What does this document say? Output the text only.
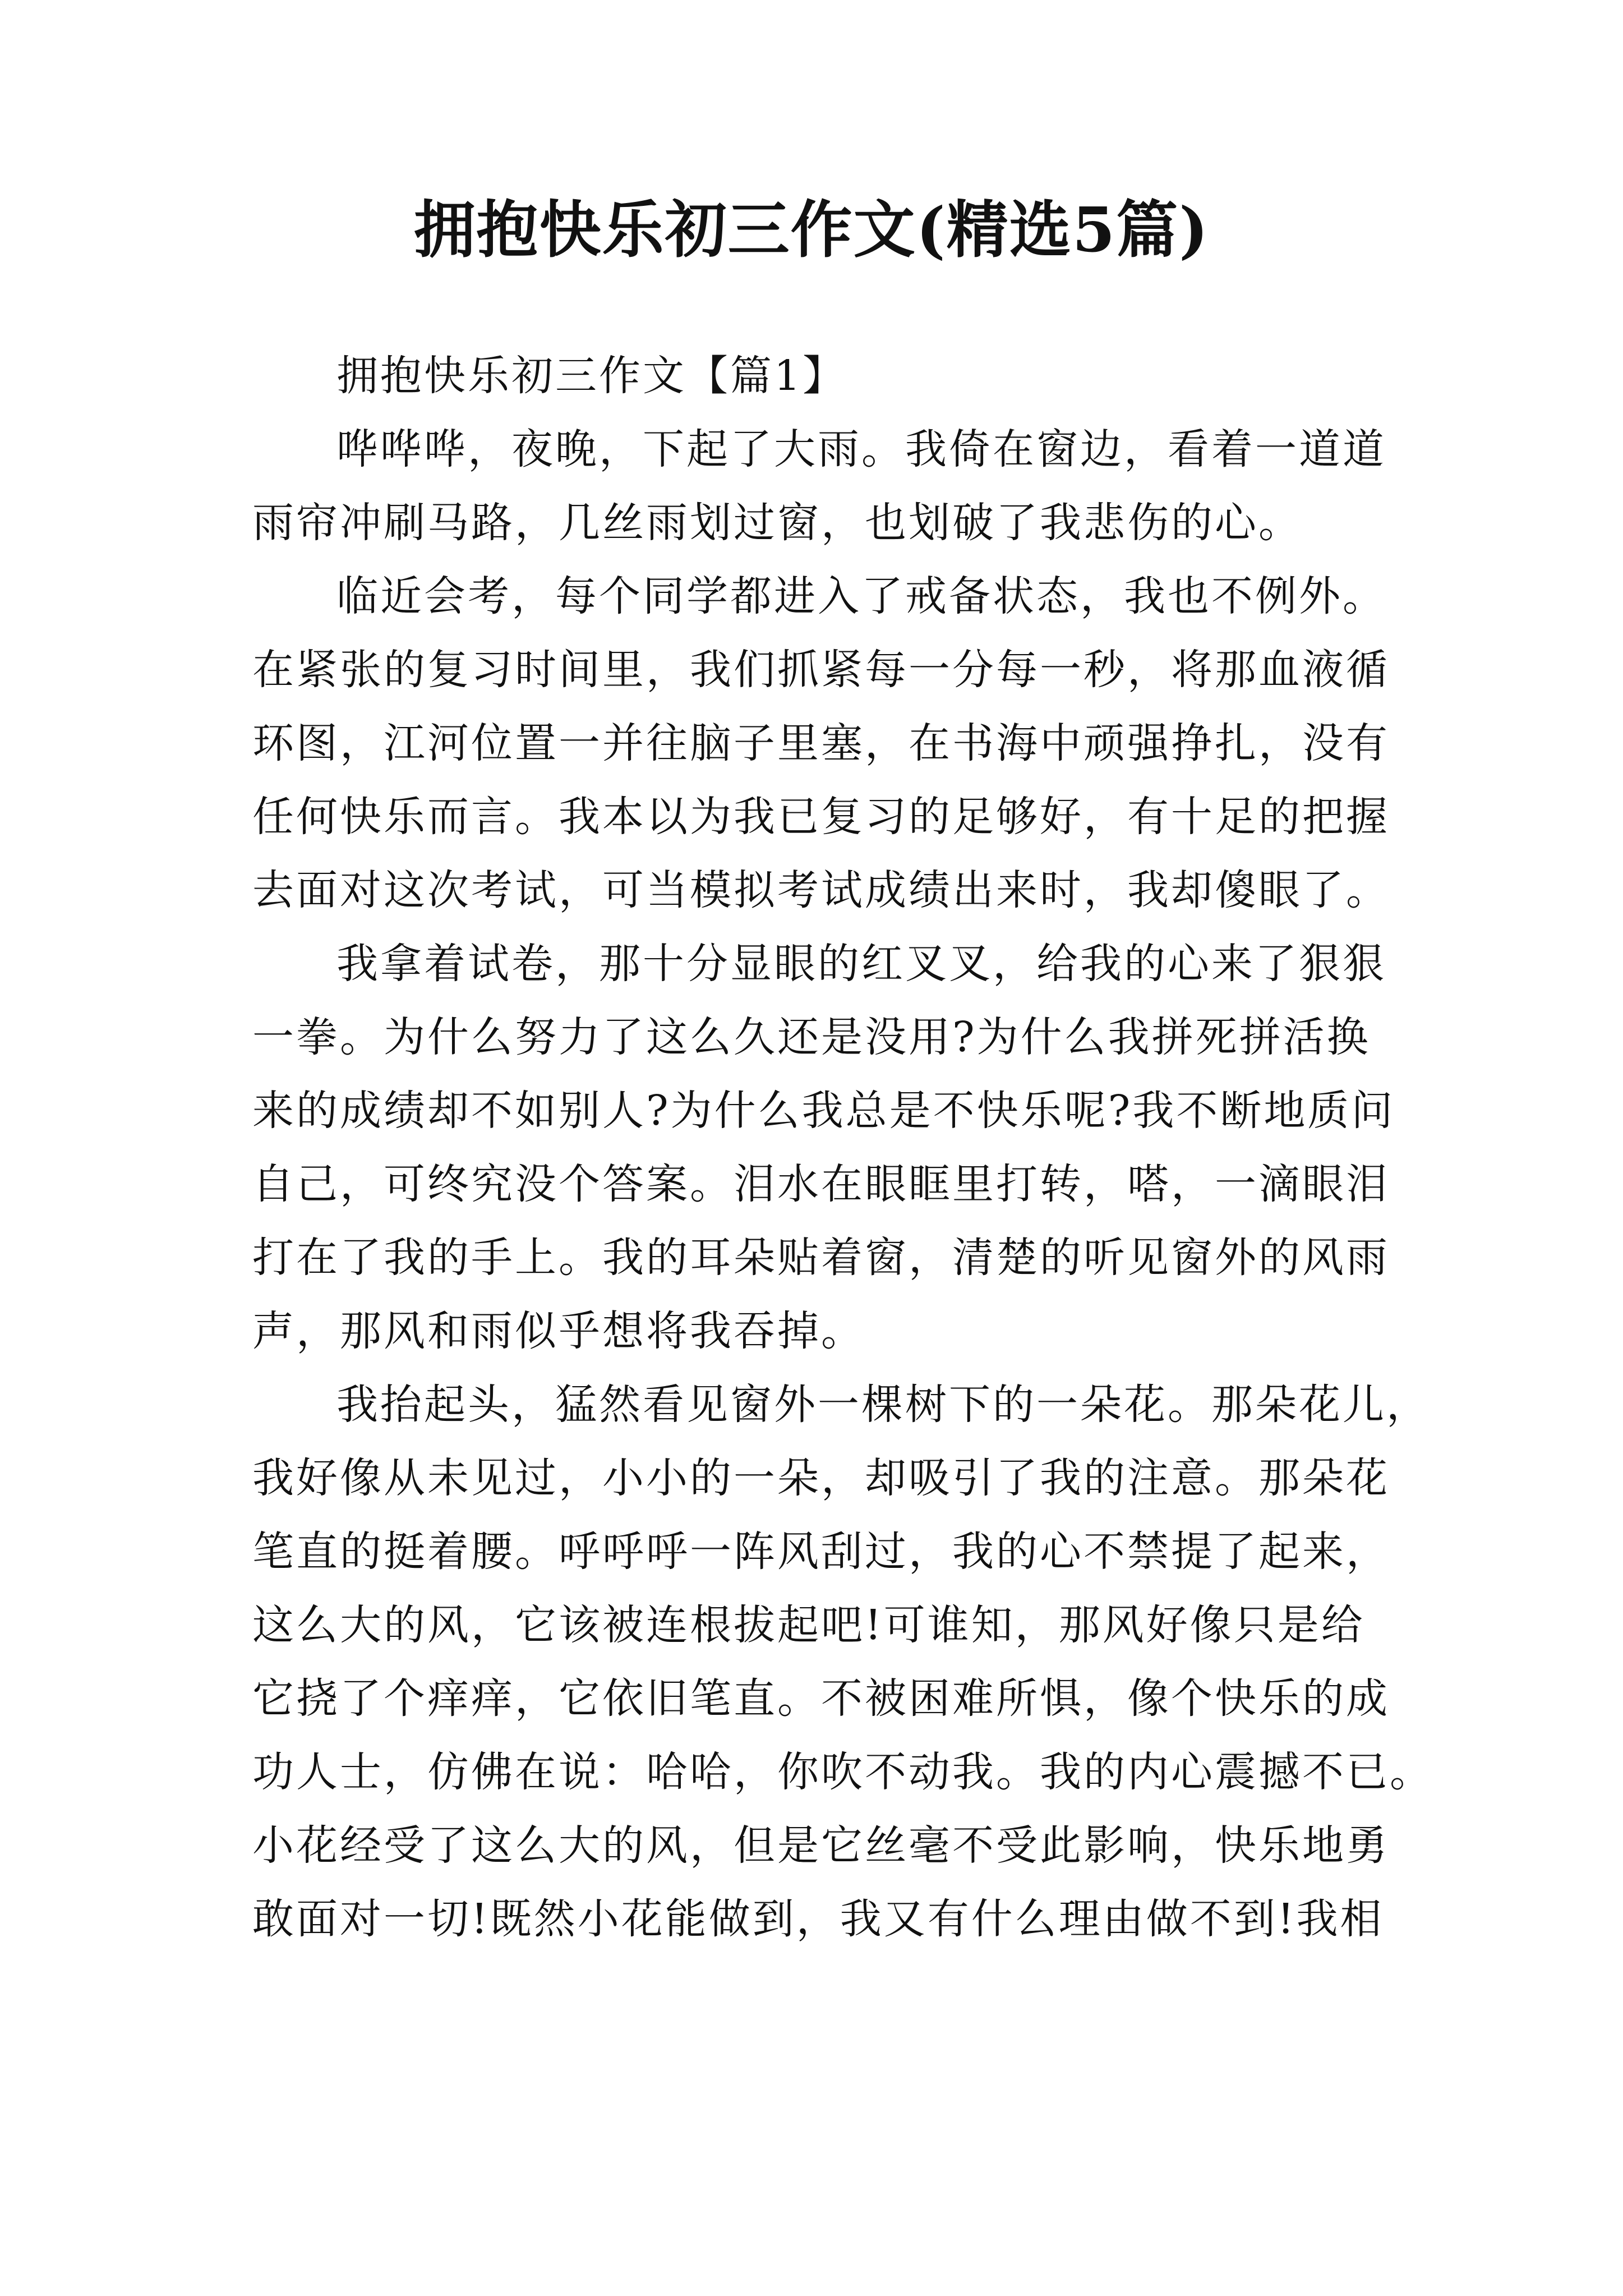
拥抱快乐初三作文(精选5篇)
拥抱快乐初三作文【篇1】
哗哗哗，夜晚，下起了大雨。我倚在窗边，看着一道道
雨帘冲刷马路，几丝雨划过窗，也划破了我悲伤的心。
临近会考，每个同学都进入了戒备状态，我也不例外。
在紧张的复习时间里，我们抓紧每一分每一秒，将那血液循
环图，江河位置一并往脑子里塞，在书海中顽强挣扎，没有
任何快乐而言。我本以为我已复习的足够好，有十足的把握
去面对这次考试，可当模拟考试成绩出来时，我却傻眼了。
我拿着试卷，那十分显眼的红叉叉，给我的心来了狠狠
一拳。为什么努力了这么久还是没用?为什么我拼死拼活换
来的成绩却不如别人?为什么我总是不快乐呢?我不断地质问
自己，可终究没个答案。泪水在眼眶里打转，嗒，一滴眼泪
打在了我的手上。我的耳朵贴着窗，清楚的听见窗外的风雨
声，那风和雨似乎想将我吞掉。
我抬起头，猛然看见窗外一棵树下的一朵花。那朵花儿，
我好像从未见过，小小的一朵，却吸引了我的注意。那朵花
笔直的挺着腰。呼呼呼一阵风刮过，我的心不禁提了起来，
这么大的风，它该被连根拔起吧!可谁知，那风好像只是给
它挠了个痒痒，它依旧笔直。不被困难所惧，像个快乐的成
功人士，仿佛在说：哈哈，你吹不动我。我的内心震撼不已。
小花经受了这么大的风，但是它丝毫不受此影响，快乐地勇
敢面对一切!既然小花能做到，我又有什么理由做不到!我相
